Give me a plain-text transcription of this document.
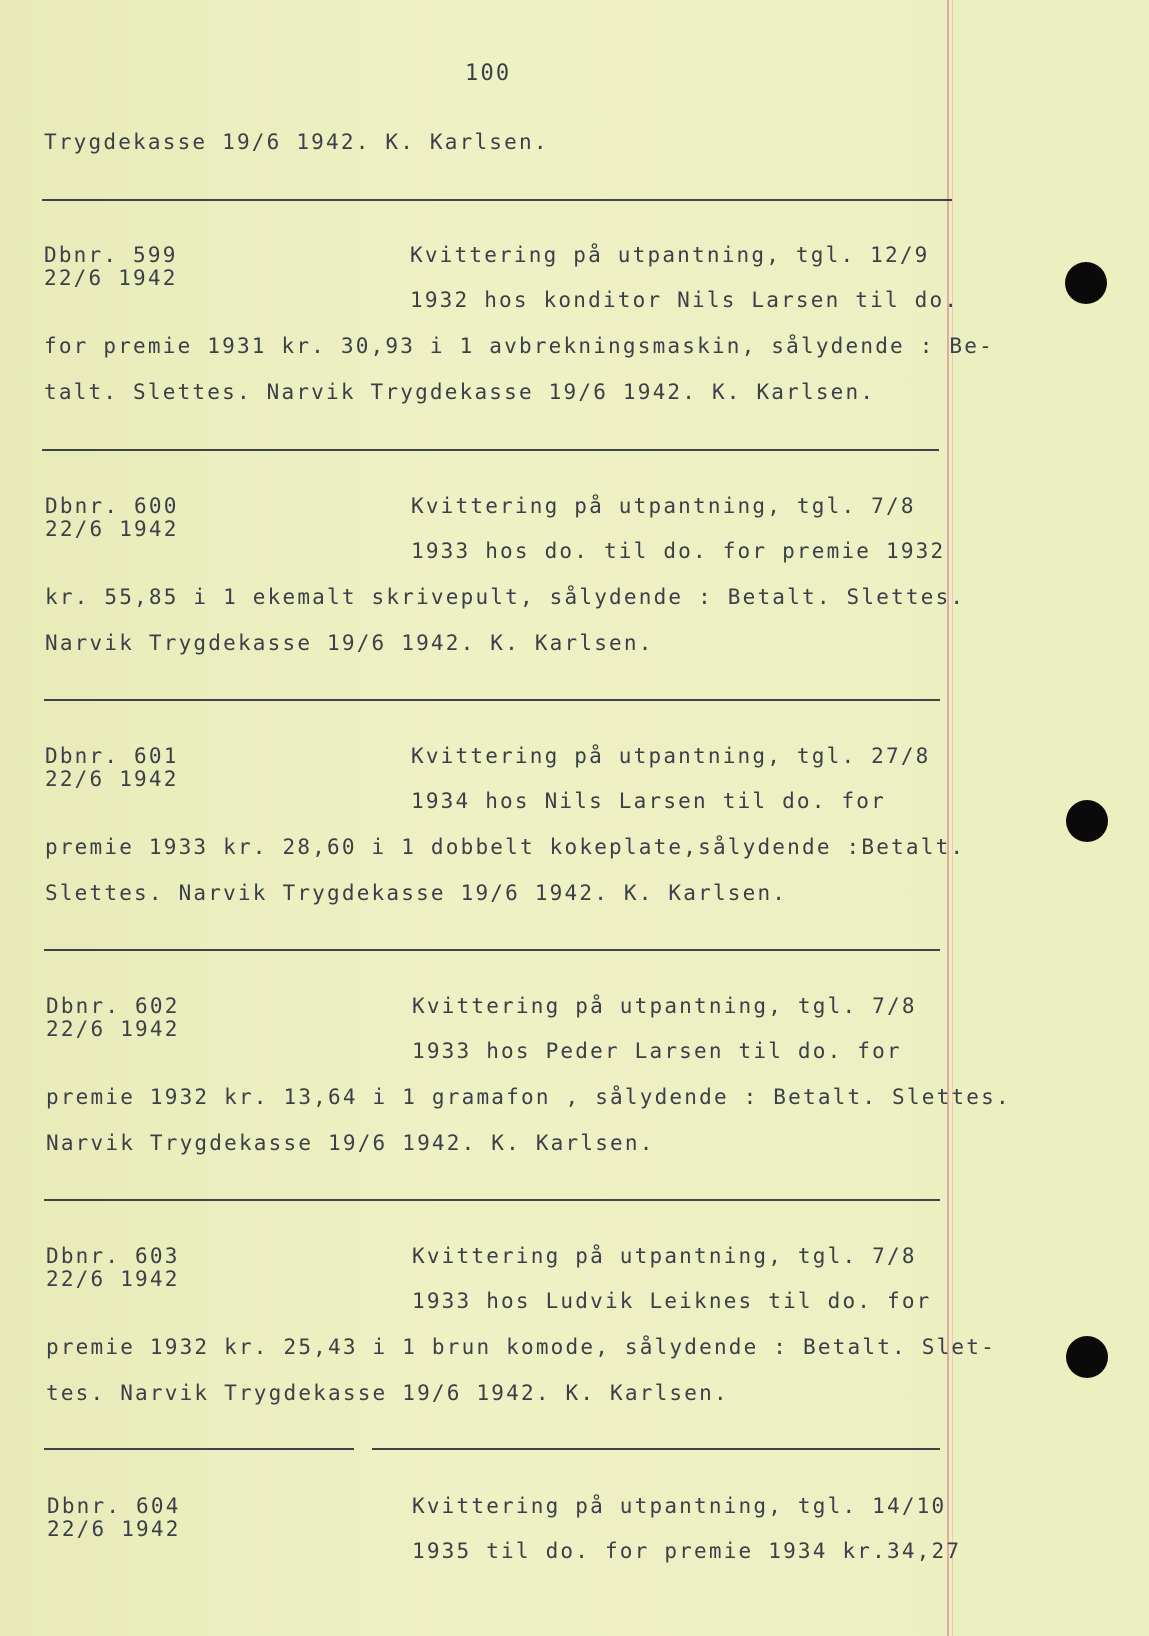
100
Trygdekasse 19/6 1942. K. Karlsen.
Dbnr. 599
22/6 1942
Kvittering på utpantning, tgl. 12/9
1932 hos konditor Nils Larsen til do.
for premie 1931 kr. 30,93 i 1 avbrekningsmaskin, sålydende : Be-
talt. Slettes. Narvik Trygdekasse 19/6 1942. K. Karlsen.
Dbnr. 600
22/6 1942
Kvittering på utpantning, tgl. 7/8
1933 hos do. til do. for premie 1932
kr. 55,85 i 1 ekemalt skrivepult, sålydende : Betalt. Slettes.
Narvik Trygdekasse 19/6 1942. K. Karlsen.
Dbnr. 601
22/6 1942
Kvittering på utpantning, tgl. 27/8
1934 hos Nils Larsen til do. for
premie 1933 kr. 28,60 i 1 dobbelt kokeplate,sålydende :Betalt.
Slettes. Narvik Trygdekasse 19/6 1942. K. Karlsen.
Dbnr. 602
22/6 1942
Kvittering på utpantning, tgl. 7/8
1933 hos Peder Larsen til do. for
premie 1932 kr. 13,64 i 1 gramafon , sålydende : Betalt. Slettes.
Narvik Trygdekasse 19/6 1942. K. Karlsen.
Dbnr. 603
22/6 1942
Kvittering på utpantning, tgl. 7/8
1933 hos Ludvik Leiknes til do. for
premie 1932 kr. 25,43 i 1 brun komode, sålydende : Betalt. Slet-
tes. Narvik Trygdekasse 19/6 1942. K. Karlsen.
Dbnr. 604
22/6 1942
Kvittering på utpantning, tgl. 14/10
1935 til do. for premie 1934 kr.34,27
